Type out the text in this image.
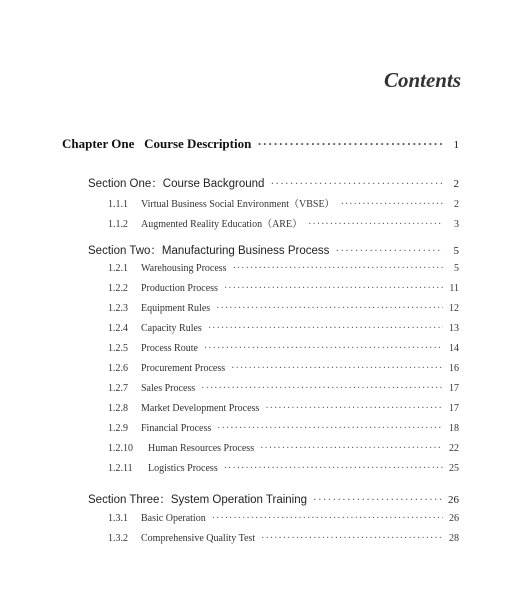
Contents
Chapter One   Course Description ·····	1
Section One：Course Background ·····	2
1.1.1 Virtual Business Social Environment（VBSE） ·····	2
1.1.2 Augmented Reality Education（ARE） ·····	3
Section Two：Manufacturing Business Process ·····	5
1.2.1 Warehousing Process ·····	5
1.2.2 Production Process ·····	11
1.2.3 Equipment Rules ·····	12
1.2.4 Capacity Rules ·····	13
1.2.5 Process Route ·····	14
1.2.6 Procurement Process ·····	16
1.2.7 Sales Process ·····	17
1.2.8 Market Development Process ·····	17
1.2.9 Financial Process ·····	18
1.2.10 Human Resources Process ·····	22
1.2.11 Logistics Process ·····	25
Section Three：System Operation Training ·····	26
1.3.1 Basic Operation ·····	26
1.3.2 Comprehensive Quality Test ·····	28
